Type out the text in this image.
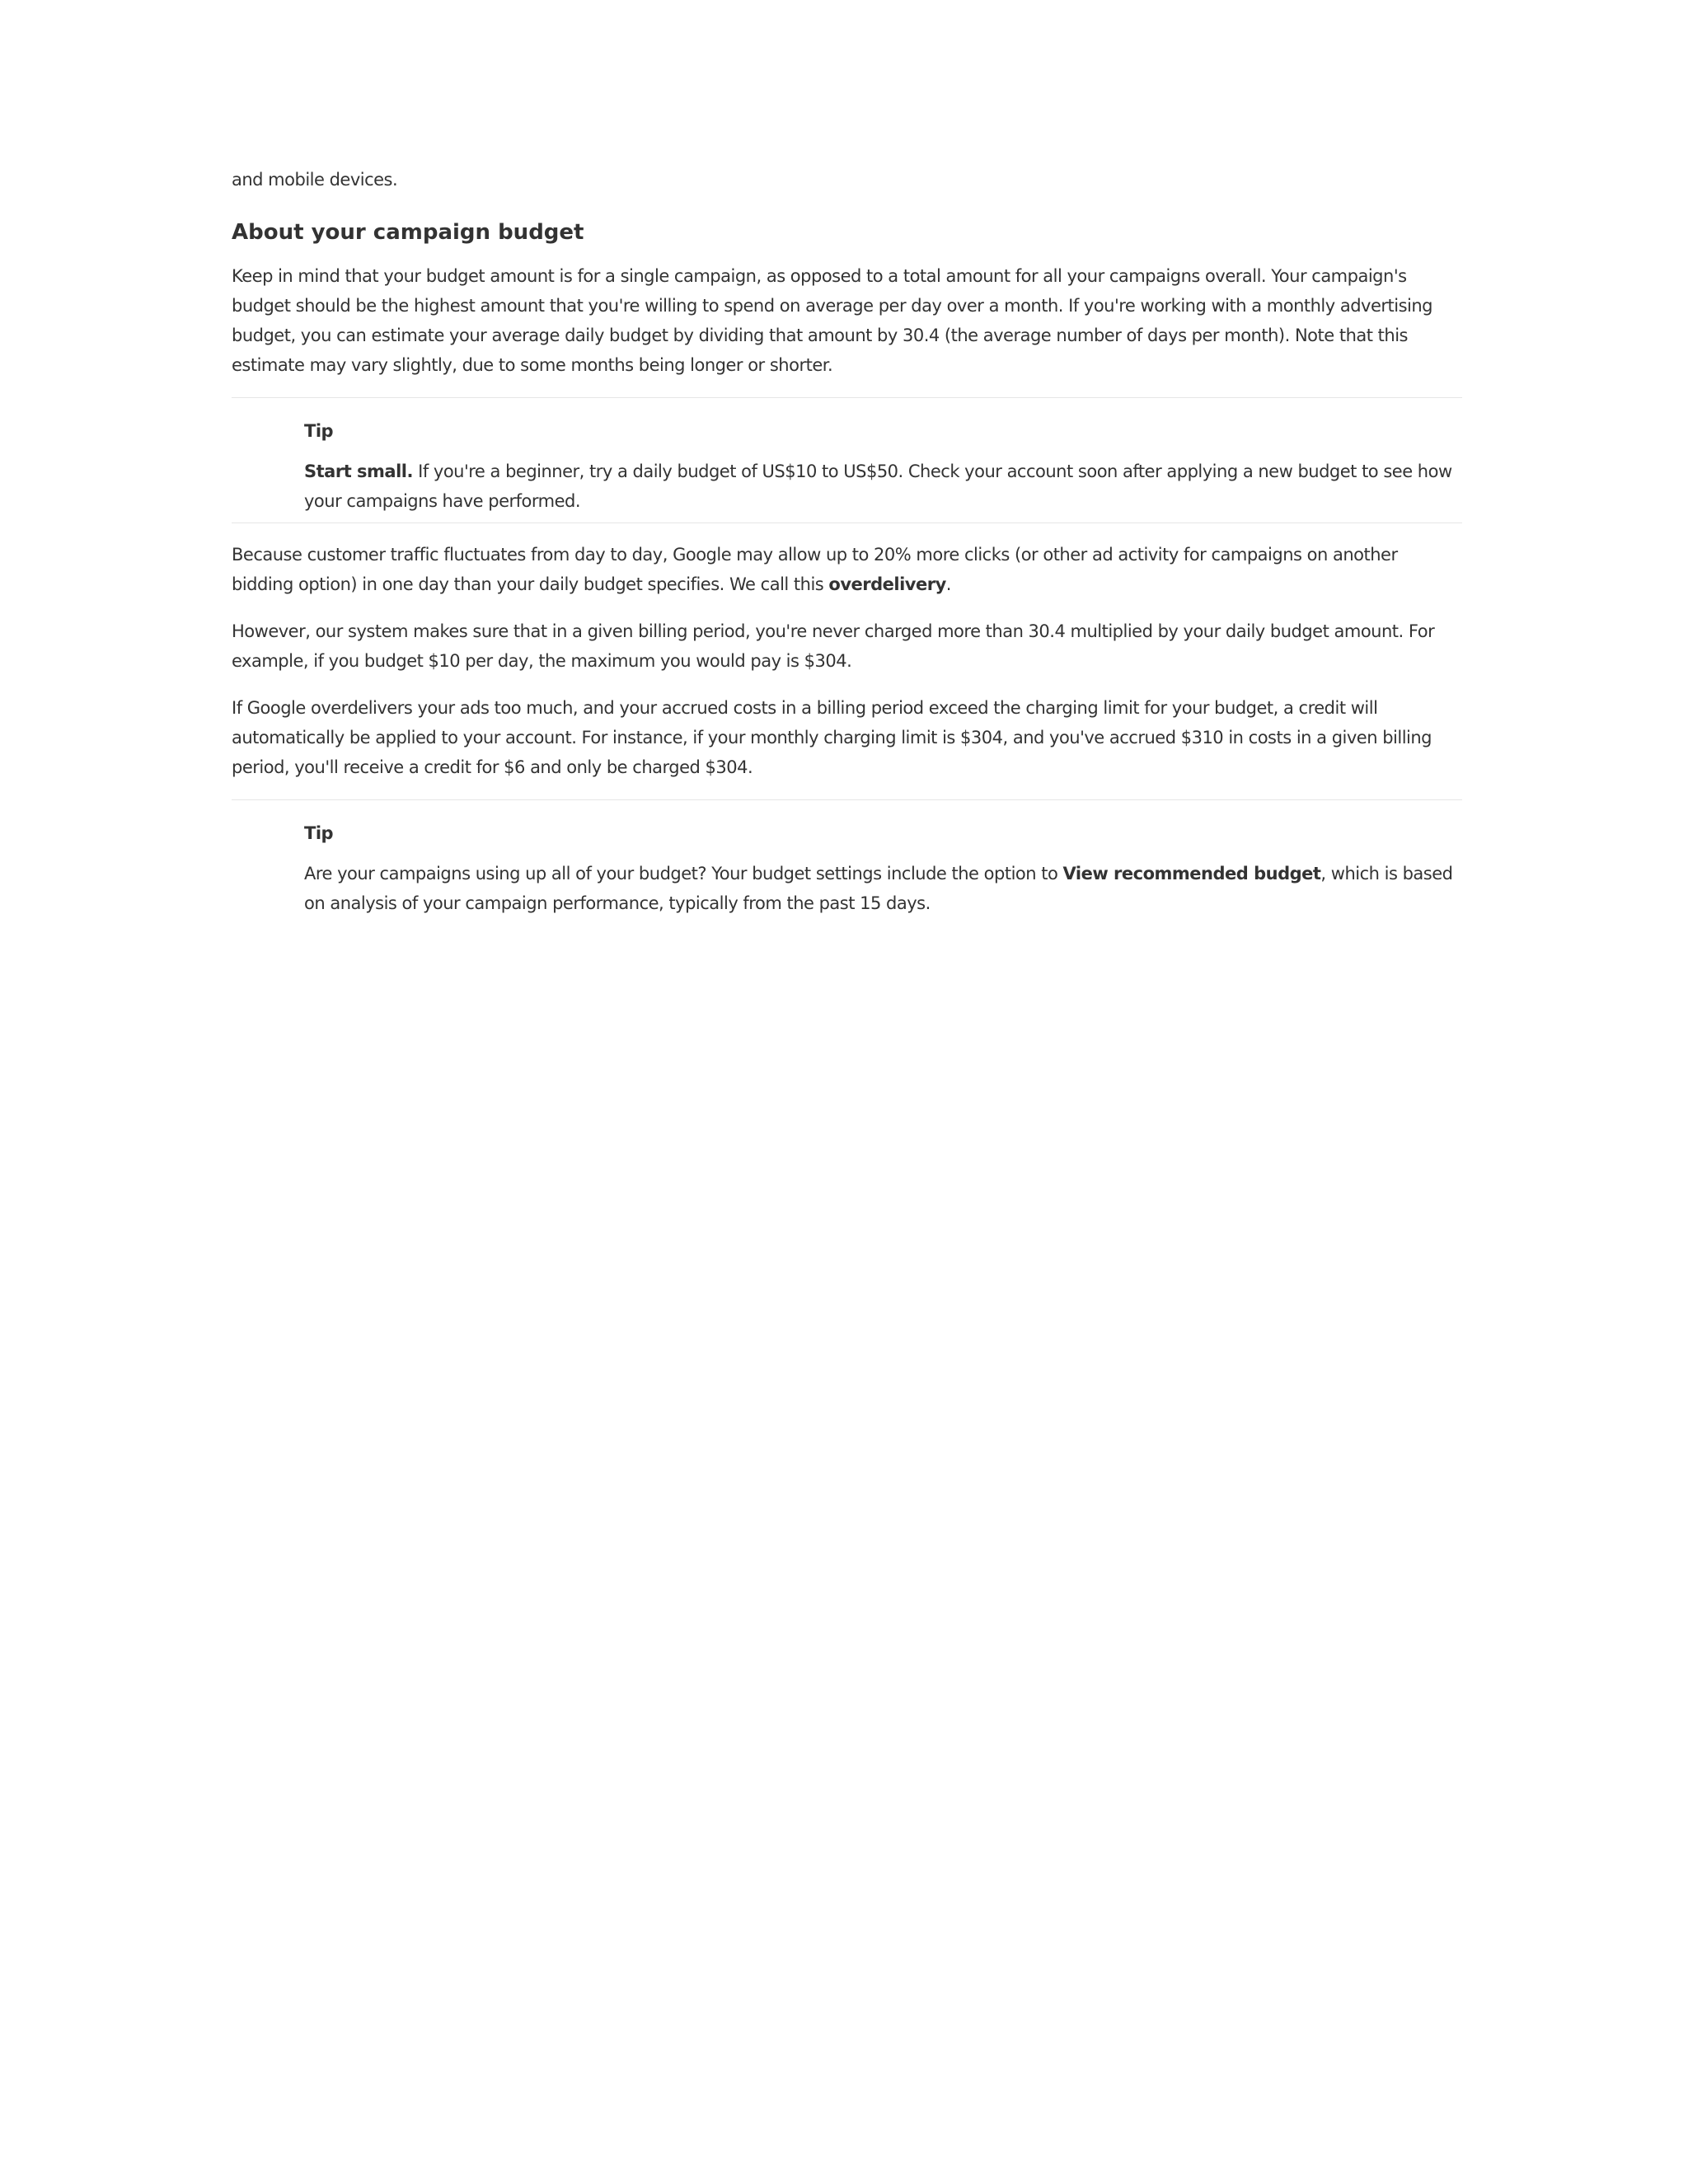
and mobile devices.

About your campaign budget

Keep in mind that your budget amount is for a single campaign, as opposed to a total amount for all your campaigns overall. Your campaign's budget should be the highest amount that you're willing to spend on average per day over a month. If you're working with a monthly advertising budget, you can estimate your average daily budget by dividing that amount by 30.4 (the average number of days per month). Note that this estimate may vary slightly, due to some months being longer or shorter.

Tip

Start small. If you're a beginner, try a daily budget of US$10 to US$50. Check your account soon after applying a new budget to see how your campaigns have performed.

Because customer traffic fluctuates from day to day, Google may allow up to 20% more clicks (or other ad activity for campaigns on another bidding option) in one day than your daily budget specifies. We call this overdelivery.

However, our system makes sure that in a given billing period, you're never charged more than 30.4 multiplied by your daily budget amount. For example, if you budget $10 per day, the maximum you would pay is $304.

If Google overdelivers your ads too much, and your accrued costs in a billing period exceed the charging limit for your budget, a credit will automatically be applied to your account. For instance, if your monthly charging limit is $304, and you've accrued $310 in costs in a given billing period, you'll receive a credit for $6 and only be charged $304.

Tip

Are your campaigns using up all of your budget? Your budget settings include the option to View recommended budget, which is based on analysis of your campaign performance, typically from the past 15 days.
